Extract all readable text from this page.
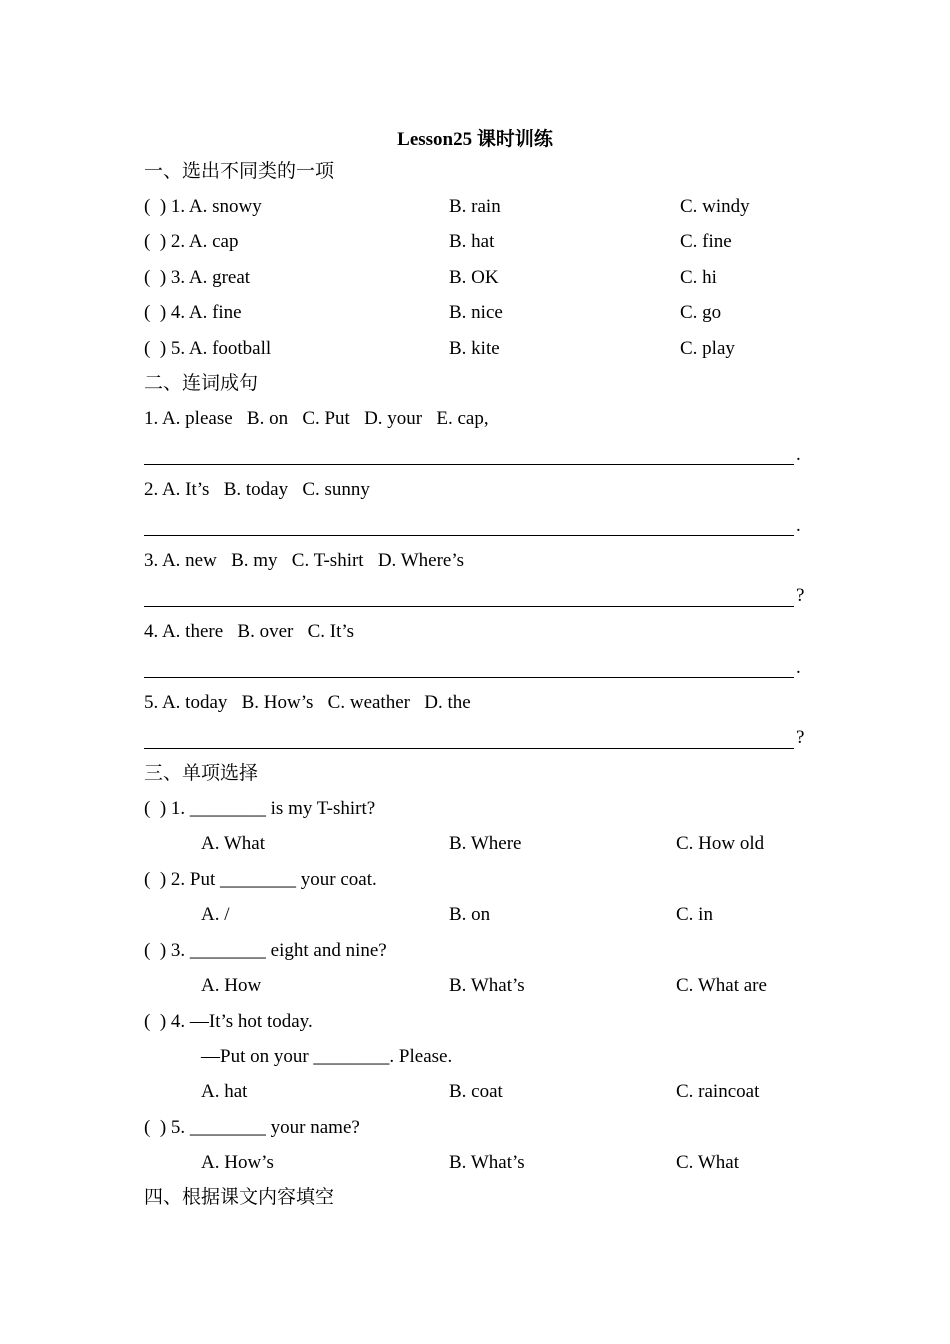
Lesson25 课时训练
一、选出不同类的一项
(  ) 1. A. snowy	B. rain	C. windy
(  ) 2. A. cap	B. hat	C. fine
(  ) 3. A. great	B. OK	C. hi
(  ) 4. A. fine	B. nice	C. go
(  ) 5. A. football	B. kite	C. play
二、连词成句
1. A. please   B. on   C. Put   D. your   E. cap,
.
2. A. It’s   B. today   C. sunny
.
3. A. new   B. my   C. T-shirt   D. Where’s
?
4. A. there   B. over   C. It’s
.
5. A. today   B. How’s   C. weather   D. the
?
三、单项选择
(  ) 1. ________ is my T-shirt?
A. What	B. Where	C. How old
(  ) 2. Put ________ your coat.
A. /	B. on	C. in
(  ) 3. ________ eight and nine?
A. How	B. What’s	C. What are
(  ) 4. —It’s hot today.
—Put on your ________. Please.
A. hat	B. coat	C. raincoat
(  ) 5. ________ your name?
A. How’s	B. What’s	C. What
四、根据课文内容填空
